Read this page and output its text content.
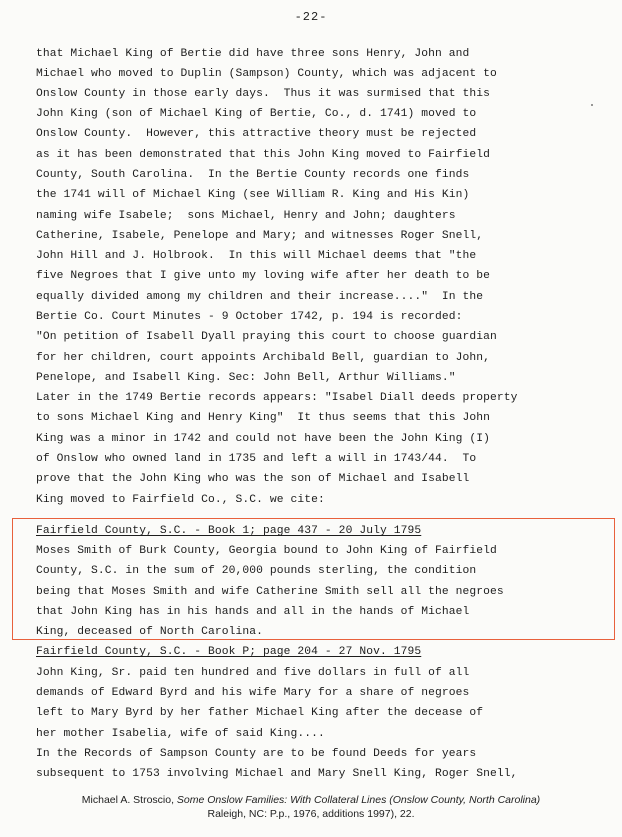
-22-
that Michael King of Bertie did have three sons Henry, John and
Michael who moved to Duplin (Sampson) County, which was adjacent to
Onslow County in those early days.  Thus it was surmised that this
John King (son of Michael King of Bertie, Co., d. 1741) moved to
Onslow County.  However, this attractive theory must be rejected
as it has been demonstrated that this John King moved to Fairfield
County, South Carolina.  In the Bertie County records one finds
the 1741 will of Michael King (see William R. King and His Kin)
naming wife Isabele;  sons Michael, Henry and John; daughters
Catherine, Isabele, Penelope and Mary; and witnesses Roger Snell,
John Hill and J. Holbrook.  In this will Michael deems that "the
five Negroes that I give unto my loving wife after her death to be
equally divided among my children and their increase...."  In the
Bertie Co. Court Minutes - 9 October 1742, p. 194 is recorded:
"On petition of Isabell Dyall praying this court to choose guardian
for her children, court appoints Archibald Bell, guardian to John,
Penelope, and Isabell King. Sec: John Bell, Arthur Williams."
Later in the 1749 Bertie records appears: "Isabel Diall deeds property
to sons Michael King and Henry King"  It thus seems that this John
King was a minor in 1742 and could not have been the John King (I)
of Onslow who owned land in 1735 and left a will in 1743/44.  To
prove that the John King who was the son of Michael and Isabell
King moved to Fairfield Co., S.C. we cite:
Fairfield County, S.C. - Book 1; page 437 - 20 July 1795
Moses Smith of Burk County, Georgia bound to John King of Fairfield
County, S.C. in the sum of 20,000 pounds sterling, the condition
being that Moses Smith and wife Catherine Smith sell all the negroes
that John King has in his hands and all in the hands of Michael
King, deceased of North Carolina.
Fairfield County, S.C. - Book P; page 204 - 27 Nov. 1795
John King, Sr. paid ten hundred and five dollars in full of all
demands of Edward Byrd and his wife Mary for a share of negroes
left to Mary Byrd by her father Michael King after the decease of
her mother Isabelia, wife of said King....
In the Records of Sampson County are to be found Deeds for years
subsequent to 1753 involving Michael and Mary Snell King, Roger Snell,
Michael A. Stroscio, Some Onslow Families: With Collateral Lines (Onslow County, North Carolina)
Raleigh, NC: P.p., 1976, additions 1997), 22.
